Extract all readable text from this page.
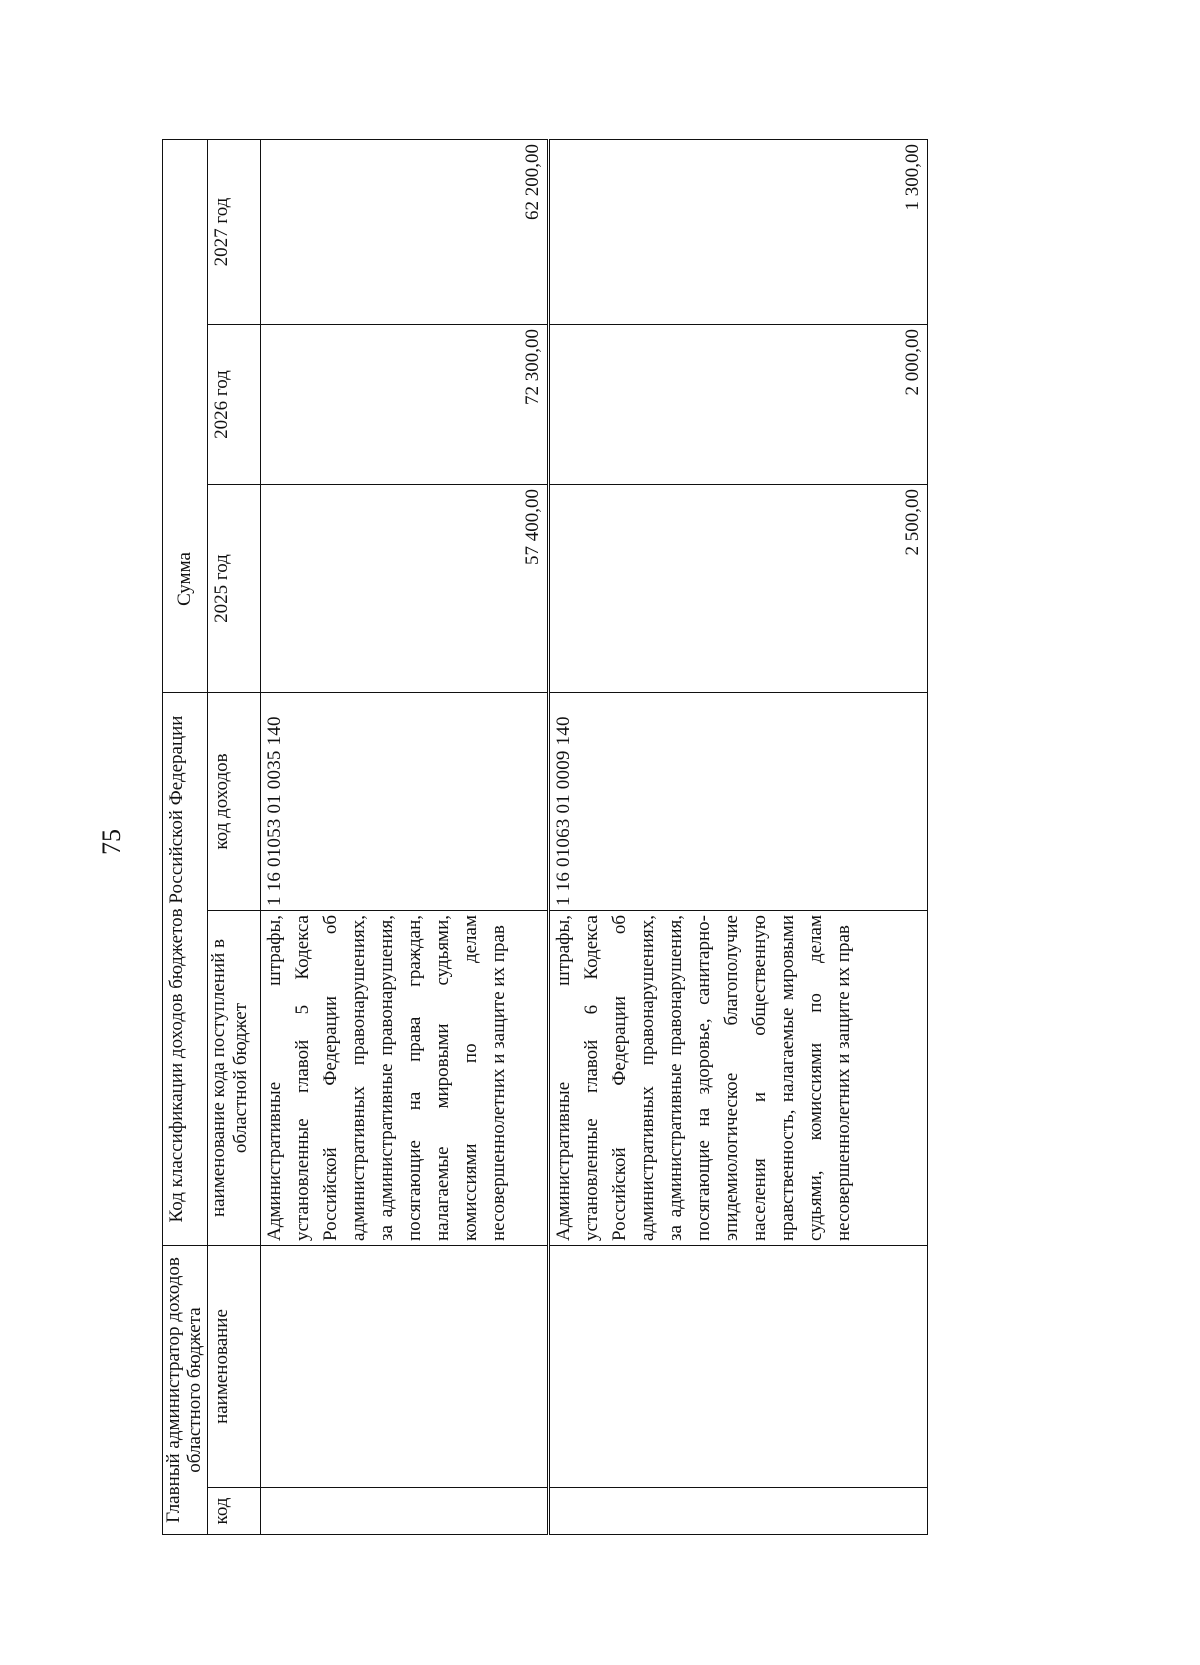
75
Главный администратор доходов областного бюджета		Код классификации доходов бюджетов Российской Федерации		Сумма		
код	наименование	наименование кода поступлений в областной бюджет	код доходов	2025 год	2026 год	2027 год
		Административные штрафы, установленные главой 5 Кодекса Российской Федерации об административных правонарушениях, за административные правонарушения, посягающие на права граждан, налагаемые мировыми судьями, комиссиями по делам несовершеннолетних и защите их прав	1 16 01053 01 0035 140	57 400,00	72 300,00	62 200,00
		Административные штрафы, установленные главой 6 Кодекса Российской Федерации об административных правонарушениях, за административные правонарушения, посягающие на здоровье, санитарно-эпидемиологическое благополучие населения и общественную нравственность, налагаемые мировыми судьями, комиссиями по делам несовершеннолетних и защите их прав	1 16 01063 01 0009 140	2 500,00	2 000,00	1 300,00
